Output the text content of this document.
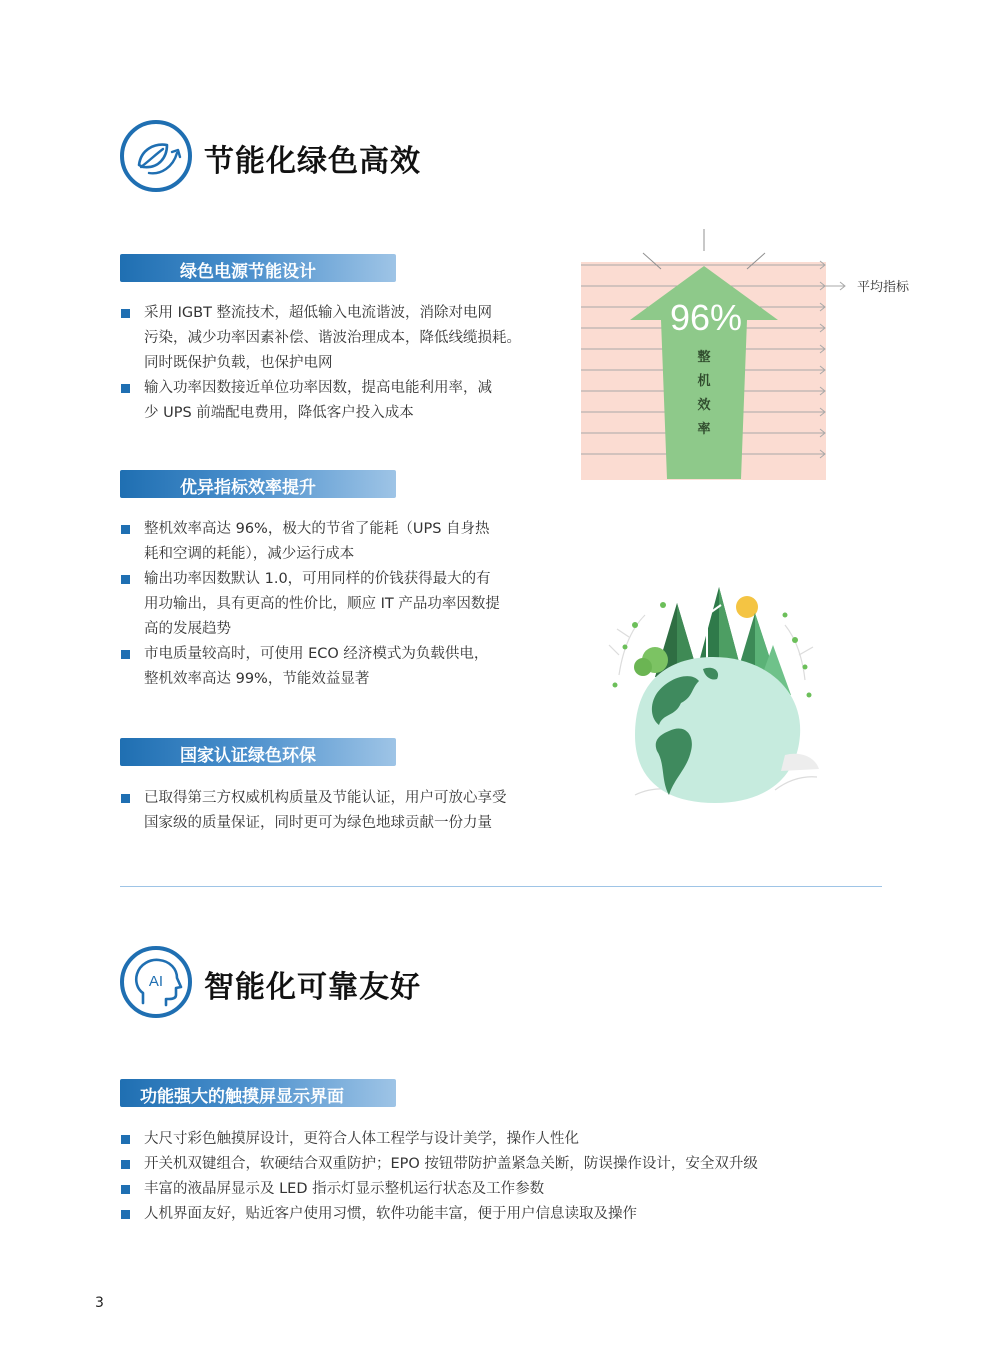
节能化绿色高效
绿色电源节能设计
采用 IGBT 整流技术，超低输入电流谐波，消除对电网
污染，减少功率因素补偿、谐波治理成本，降低线缆损耗。
同时既保护负载，也保护电网
输入功率因数接近单位功率因数，提高电能利用率，减
少 UPS 前端配电费用，降低客户投入成本
优异指标效率提升
整机效率高达 96%，极大的节省了能耗（UPS 自身热
耗和空调的耗能），减少运行成本
输出功率因数默认 1.0，可用同样的价钱获得最大的有
用功输出，具有更高的性价比，顺应 IT 产品功率因数提
高的发展趋势
市电质量较高时，可使用 ECO 经济模式为负载供电，
整机效率高达 99%，节能效益显著
国家认证绿色环保
已取得第三方权威机构质量及节能认证，用户可放心享受
国家级的质量保证，同时更可为绿色地球贡献一份力量
96%
整
机
效
率
平均指标
AI 智能化可靠友好
功能强大的触摸屏显示界面
大尺寸彩色触摸屏设计，更符合人体工程学与设计美学，操作人性化
开关机双键组合，软硬结合双重防护；EPO 按钮带防护盖紧急关断，防误操作设计，安全双升级
丰富的液晶屏显示及 LED 指示灯显示整机运行状态及工作参数
人机界面友好，贴近客户使用习惯，软件功能丰富，便于用户信息读取及操作
3
